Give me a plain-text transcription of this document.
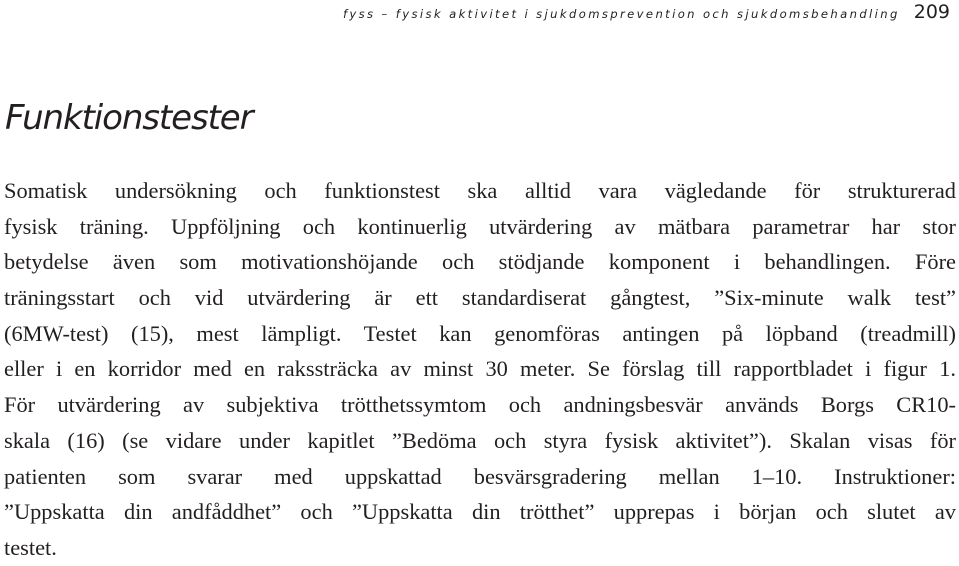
fyss – fysisk aktivitet i sjukdomsprevention och sjukdomsbehandling 209
Funktionstester
Somatisk undersökning och funktionstest ska alltid vara vägledande för strukturerad
fysisk träning. Uppföljning och kontinuerlig utvärdering av mätbara parametrar har stor
betydelse även som motivationshöjande och stödjande komponent i behandlingen. Före
träningsstart och vid utvärdering är ett standardiserat gångtest, ”Six-minute walk test”
(6MW-test) (15), mest lämpligt. Testet kan genomföras antingen på löpband (treadmill)
eller i en korridor med en rakssträcka av minst 30 meter. Se förslag till rapportbladet i figur 1.
För utvärdering av subjektiva trötthetssymtom och andningsbesvär används Borgs CR10-
skala (16) (se vidare under kapitlet ”Bedöma och styra fysisk aktivitet”). Skalan visas för
patienten som svarar med uppskattad besvärsgradering mellan 1–10. Instruktioner:
”Uppskatta din andfåddhet” och ”Uppskatta din trötthet” upprepas i början och slutet av
testet.
